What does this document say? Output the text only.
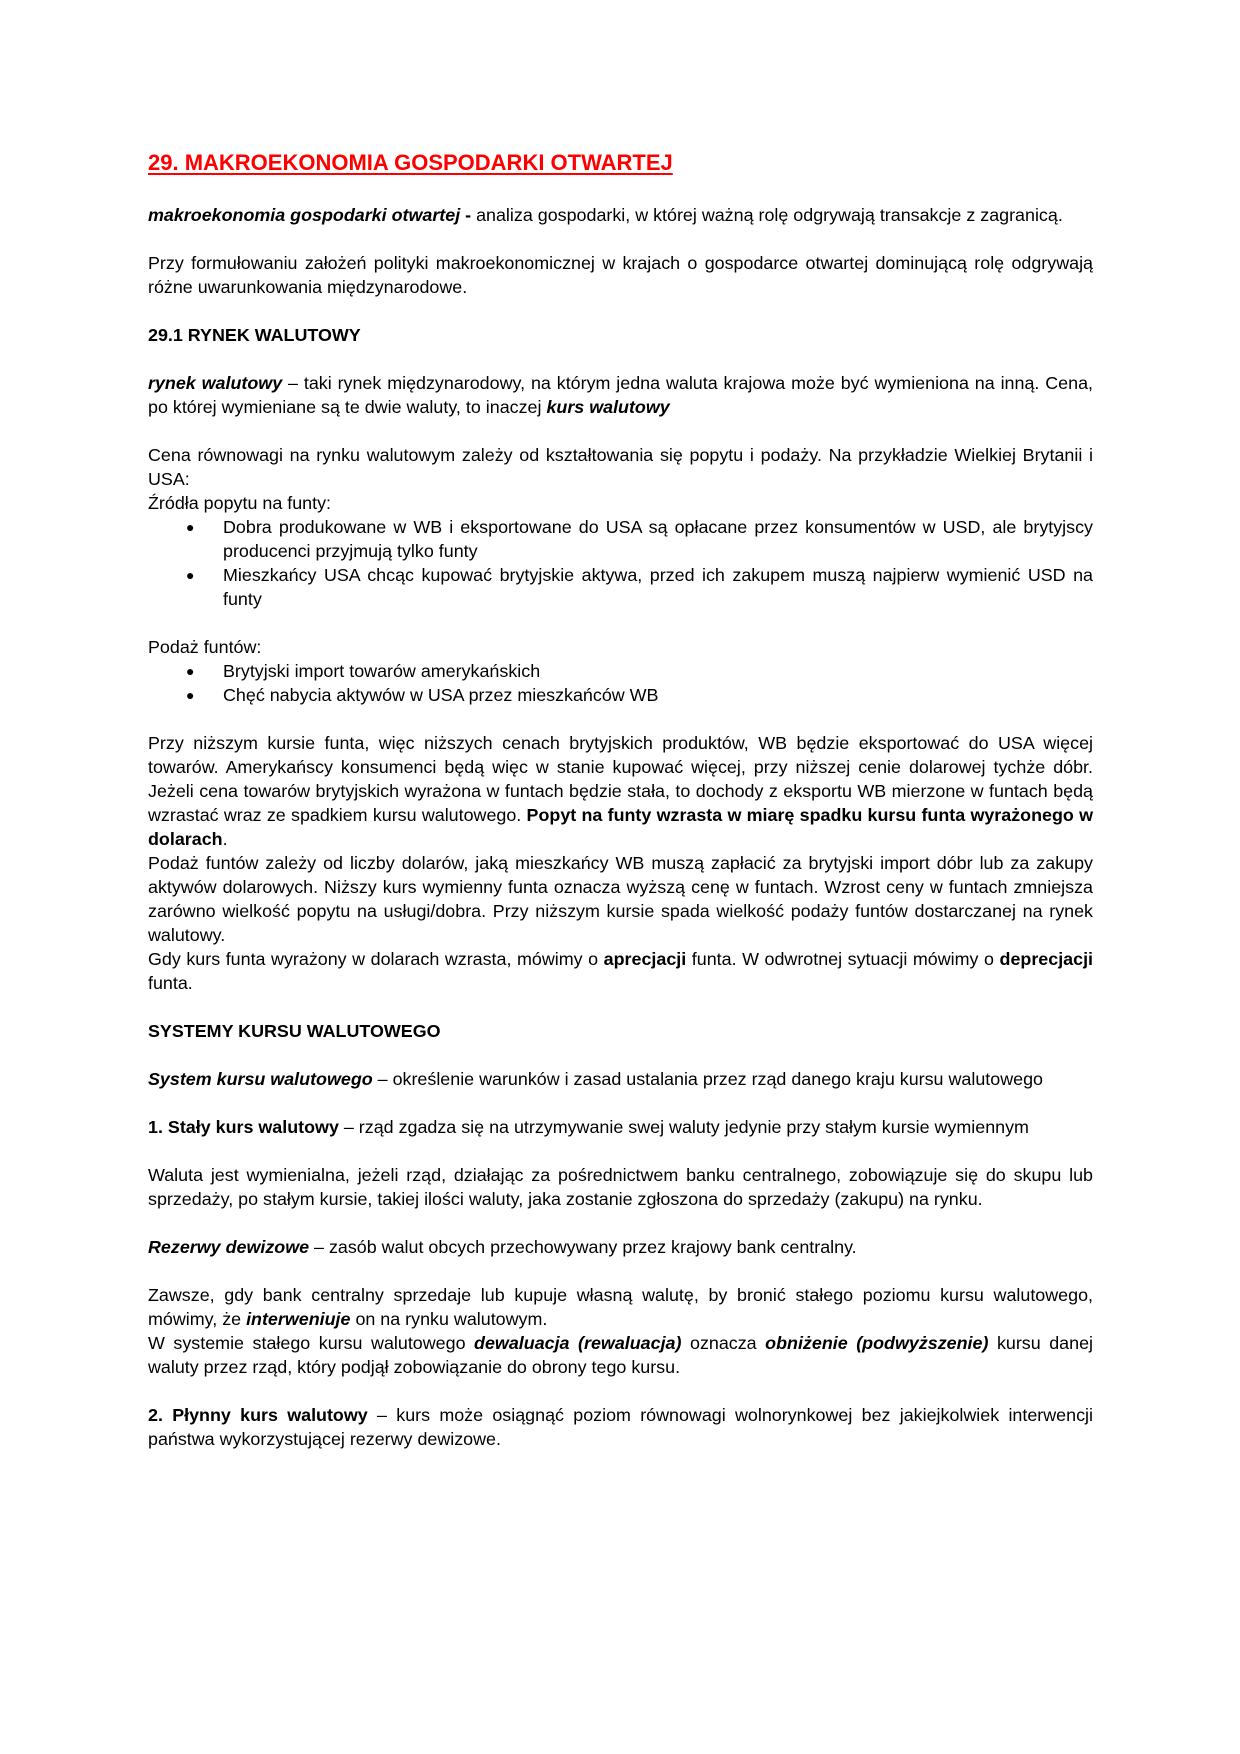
29. MAKROEKONOMIA GOSPODARKI OTWARTEJ

makroekonomia gospodarki otwartej - analiza gospodarki, w której ważną rolę odgrywają transakcje z zagranicą.

Przy formułowaniu założeń polityki makroekonomicznej w krajach o gospodarce otwartej dominującą rolę odgrywają różne uwarunkowania międzynarodowe.

29.1 RYNEK WALUTOWY

rynek walutowy – taki rynek międzynarodowy, na którym jedna waluta krajowa może być wymieniona na inną. Cena, po której wymieniane są te dwie waluty, to inaczej kurs walutowy

Cena równowagi na rynku walutowym zależy od kształtowania się popytu i podaży. Na przykładzie Wielkiej Brytanii i USA:

Źródła popytu na funty:

● Dobra produkowane w WB i eksportowane do USA są opłacane przez konsumentów w USD, ale brytyjscy producenci przyjmują tylko funty
● Mieszkańcy USA chcąc kupować brytyjskie aktywa, przed ich zakupem muszą najpierw wymienić USD na funty

Podaż funtów:

● Brytyjski import towarów amerykańskich
● Chęć nabycia aktywów w USA przez mieszkańców WB

Przy niższym kursie funta, więc niższych cenach brytyjskich produktów, WB będzie eksportować do USA więcej towarów. Amerykańscy konsumenci będą więc w stanie kupować więcej, przy niższej cenie dolarowej tychże dóbr. Jeżeli cena towarów brytyjskich wyrażona w funtach będzie stała, to dochody z eksportu WB mierzone w funtach będą wzrastać wraz ze spadkiem kursu walutowego. Popyt na funty wzrasta w miarę spadku kursu funta wyrażonego w dolarach.

Podaż funtów zależy od liczby dolarów, jaką mieszkańcy WB muszą zapłacić za brytyjski import dóbr lub za zakupy aktywów dolarowych. Niższy kurs wymienny funta oznacza wyższą cenę w funtach. Wzrost ceny w funtach zmniejsza zarówno wielkość popytu na usługi/dobra. Przy niższym kursie spada wielkość podaży funtów dostarczanej na rynek walutowy.

Gdy kurs funta wyrażony w dolarach wzrasta, mówimy o aprecjacji funta. W odwrotnej sytuacji mówimy o deprecjacji funta.

SYSTEMY KURSU WALUTOWEGO

System kursu walutowego – określenie warunków i zasad ustalania przez rząd danego kraju kursu walutowego

1. Stały kurs walutowy – rząd zgadza się na utrzymywanie swej waluty jedynie przy stałym kursie wymiennym

Waluta jest wymienialna, jeżeli rząd, działając za pośrednictwem banku centralnego, zobowiązuje się do skupu lub sprzedaży, po stałym kursie, takiej ilości waluty, jaka zostanie zgłoszona do sprzedaży (zakupu) na rynku.

Rezerwy dewizowe – zasób walut obcych przechowywany przez krajowy bank centralny.

Zawsze, gdy bank centralny sprzedaje lub kupuje własną walutę, by bronić stałego poziomu kursu walutowego, mówimy, że interweniuje on na rynku walutowym.

W systemie stałego kursu walutowego dewaluacja (rewaluacja) oznacza obniżenie (podwyższenie) kursu danej waluty przez rząd, który podjął zobowiązanie do obrony tego kursu.

2. Płynny kurs walutowy – kurs może osiągnąć poziom równowagi wolnorynkowej bez jakiejkolwiek interwencji państwa wykorzystującej rezerwy dewizowe.
